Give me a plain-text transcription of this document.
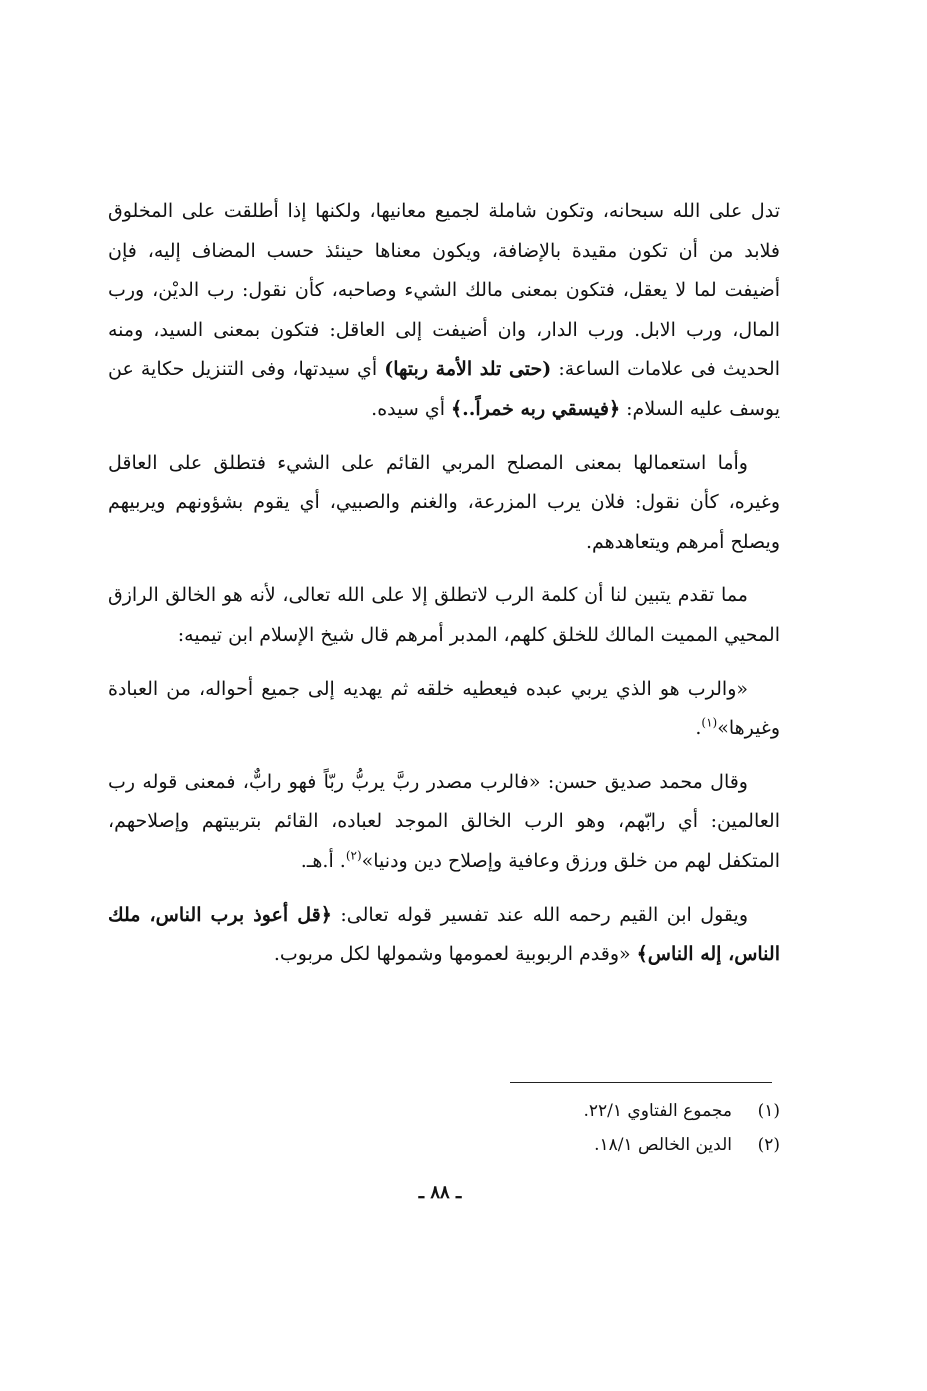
تدل على الله سبحانه، وتكون شاملة لجميع معانيها، ولكنها إذا أطلقت على المخلوق فلابد من أن تكون مقيدة بالإضافة، ويكون معناها حينئذ حسب المضاف إليه، فإن أضيفت لما لا يعقل، فتكون بمعنى مالك الشيء وصاحبه، كأن نقول: رب الديْن، ورب المال، ورب الابل. ورب الدار، وان أضيفت إلى العاقل: فتكون بمعنى السيد، ومنه الحديث فى علامات الساعة: (حتى تلد الأمة ربتها) أي سيدتها، وفى التنزيل حكاية عن يوسف عليه السلام: ﴿فيسقي ربه خمراً..﴾ أي سيده.

وأما استعمالها بمعنى المصلح المربي القائم على الشيء فتطلق على العاقل وغيره، كأن نقول: فلان يرب المزرعة، والغنم والصبيي، أي يقوم بشؤونهم ويربيهم ويصلح أمرهم ويتعاهدهم.

مما تقدم يتبين لنا أن كلمة الرب لاتطلق إلا على الله تعالى، لأنه هو الخالق الرازق المحيي المميت المالك للخلق كلهم، المدبر أمرهم قال شيخ الإسلام ابن تيميه:

«والرب هو الذي يربي عبده فيعطيه خلقه ثم يهديه إلى جميع أحواله، من العبادة وغيرها»$^{(١)}$.

وقال محمد صديق حسن: «فالرب مصدر ربَّ يربُّ ربّاً فهو رابٌّ، فمعنى قوله رب العالمين: أي رابّهم، وهو الرب الخالق الموجد لعباده، القائم بتربيتهم وإصلاحهم، المتكفل لهم من خلق ورزق وعافية وإصلاح دين ودنيا»$^{(٢)}$. أ.هـ.

ويقول ابن القيم رحمه الله عند تفسير قوله تعالى: ﴿قل أعوذ برب الناس، ملك الناس، إله الناس﴾ «وقدم الربوبية لعمومها وشمولها لكل مربوب.

(١)مجموع الفتاوي ٢٢/١.
(٢)الدين الخالص ١٨/١.
ـ ٨٨ ـ
